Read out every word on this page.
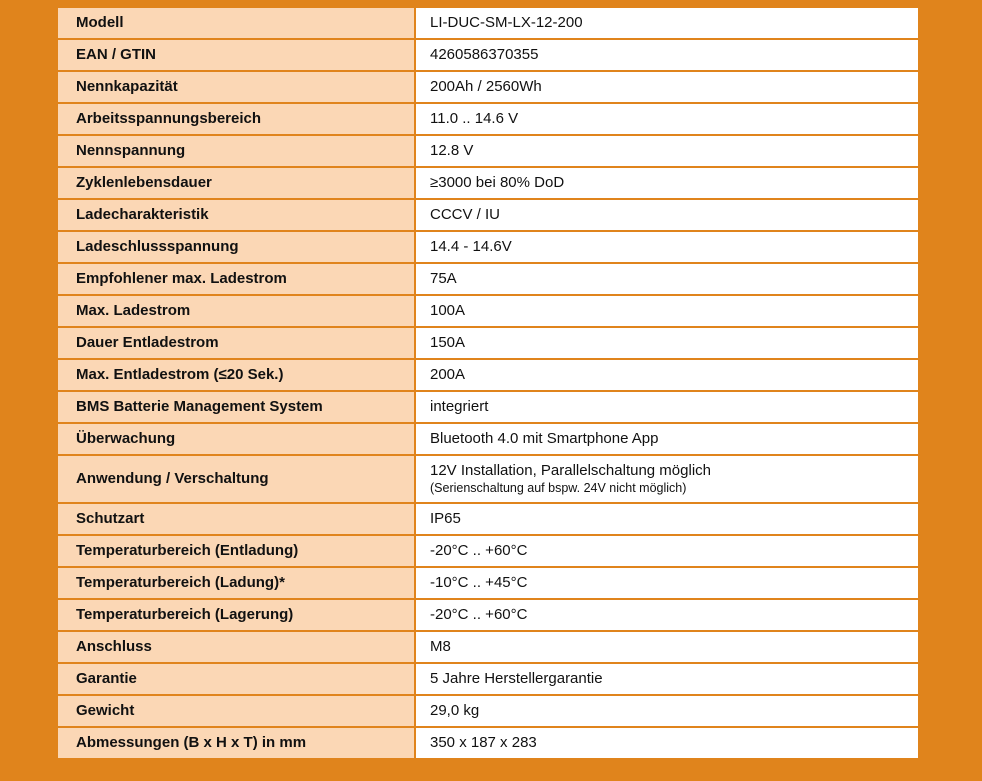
Modell	LI-DUC-SM-LX-12-200
EAN / GTIN	4260586370355
Nennkapazität	200Ah / 2560Wh
Arbeitsspannungsbereich	11.0 .. 14.6 V
Nennspannung	12.8 V
Zyklenlebensdauer	≥3000 bei 80% DoD
Ladecharakteristik	CCCV / IU
Ladeschlussspannung	14.4 - 14.6V
Empfohlener max. Ladestrom	75A
Max. Ladestrom	100A
Dauer Entladestrom	150A
Max. Entladestrom (≤20 Sek.)	200A
BMS Batterie Management System	integriert
Überwachung	Bluetooth 4.0 mit Smartphone App
Anwendung / Verschaltung	12V Installation, Parallelschaltung möglich
(Serienschaltung auf bspw. 24V nicht möglich)

Schutzart	IP65
Temperaturbereich (Entladung)	-20°C .. +60°C
Temperaturbereich (Ladung)*	-10°C .. +45°C
Temperaturbereich (Lagerung)	-20°C .. +60°C
Anschluss	M8
Garantie	5 Jahre Herstellergarantie
Gewicht	29,0 kg
Abmessungen (B x H x T) in mm	350 x 187 x 283
